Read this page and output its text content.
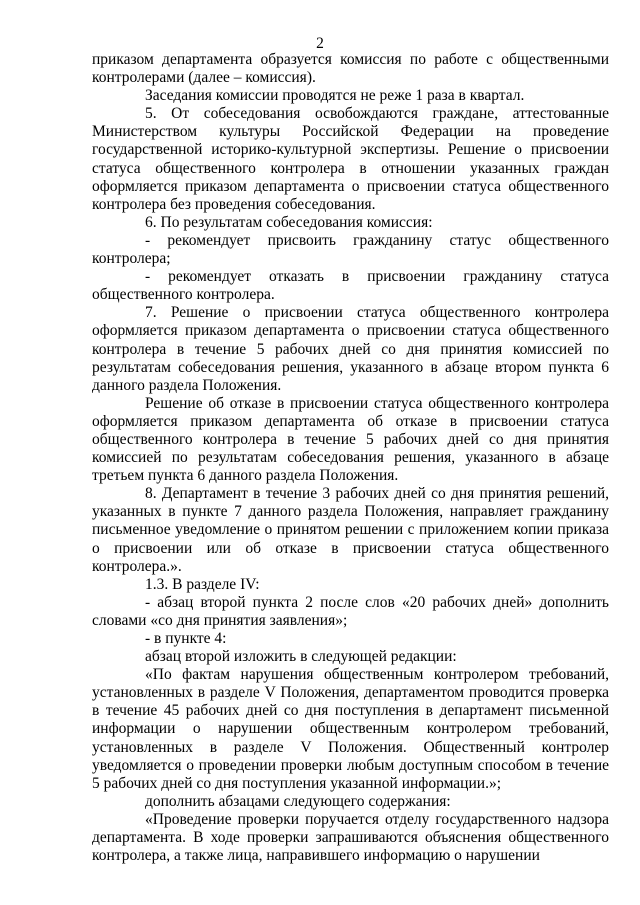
2

приказом департамента образуется комиссия по работе с общественными контролерами (далее – комиссия).

Заседания комиссии проводятся не реже 1 раза в квартал.

5. От собеседования освобождаются граждане, аттестованные Министерством культуры Российской Федерации на проведение государственной историко-культурной экспертизы. Решение о присвоении статуса общественного контролера в отношении указанных граждан оформляется приказом департамента о присвоении статуса общественного контролера без проведения собеседования.

6. По результатам собеседования комиссия:

- рекомендует присвоить гражданину статус общественного контролера;

- рекомендует отказать в присвоении гражданину статуса общественного контролера.

7. Решение о присвоении статуса общественного контролера оформляется приказом департамента о присвоении статуса общественного контролера в течение 5 рабочих дней со дня принятия комиссией по результатам собеседования решения, указанного в абзаце втором пункта 6 данного раздела Положения.

Решение об отказе в присвоении статуса общественного контролера оформляется приказом департамента об отказе в присвоении статуса общественного контролера в течение 5 рабочих дней со дня принятия комиссией по результатам собеседования решения, указанного в абзаце третьем пункта 6 данного раздела Положения.

8. Департамент в течение 3 рабочих дней со дня принятия решений, указанных в пункте 7 данного раздела Положения, направляет гражданину письменное уведомление о принятом решении с приложением копии приказа о присвоении или об отказе в присвоении статуса общественного контролера.».

1.3. В разделе IV:

- абзац второй пункта 2 после слов «20 рабочих дней» дополнить словами «со дня принятия заявления»;

- в пункте 4:

абзац второй изложить в следующей редакции:

«По фактам нарушения общественным контролером требований, установленных в разделе V Положения, департаментом проводится проверка в течение 45 рабочих дней со дня поступления в департамент письменной информации о нарушении общественным контролером требований, установленных в разделе V Положения. Общественный контролер уведомляется о проведении проверки любым доступным способом в течение 5 рабочих дней со дня поступления указанной информации.»;

дополнить абзацами следующего содержания:

«Проведение проверки поручается отделу государственного надзора департамента. В ходе проверки запрашиваются объяснения общественного контролера, а также лица, направившего информацию о нарушении
